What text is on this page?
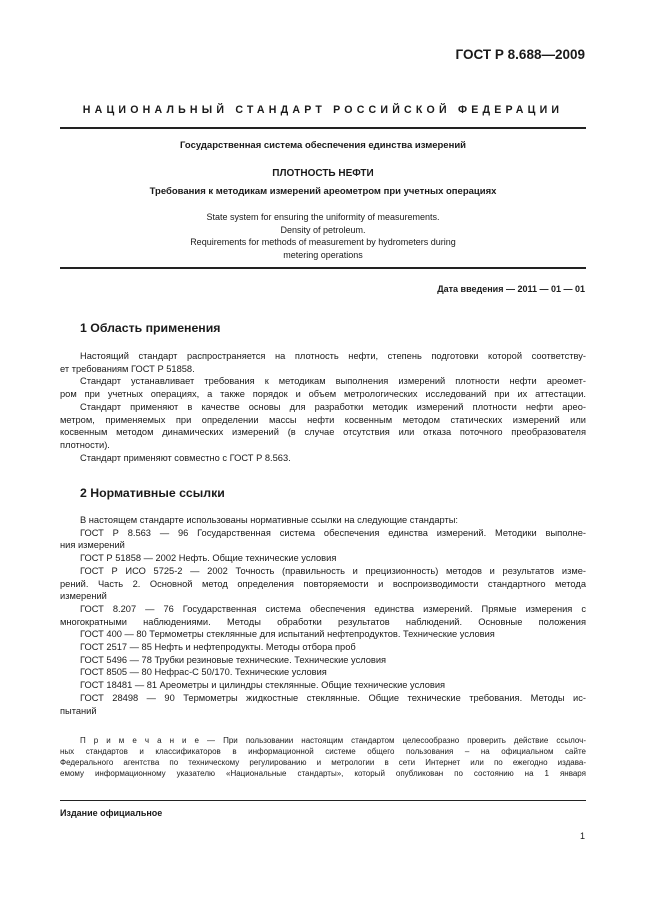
ГОСТ Р 8.688—2009
НАЦИОНАЛЬНЫЙ СТАНДАРТ РОССИЙСКОЙ ФЕДЕРАЦИИ
Государственная система обеспечения единства измерений
ПЛОТНОСТЬ НЕФТИ
Требования к методикам измерений ареометром при учетных операциях
State system for ensuring the uniformity of measurements.
Density of petroleum.
Requirements for methods of measurement by hydrometers during
metering operations
Дата введения — 2011 — 01 — 01
1 Область применения
Настоящий стандарт распространяется на плотность нефти, степень подготовки которой соответству-
ет требованиям ГОСТ Р 51858.
Стандарт устанавливает требования к методикам выполнения измерений плотности нефти ареомет-
ром при учетных операциях, а также порядок и объем метрологических исследований при их аттестации.
Стандарт применяют в качестве основы для разработки методик измерений плотности нефти арео-
метром, применяемых при определении массы нефти косвенным методом статических измерений или
косвенным методом динамических измерений (в случае отсутствия или отказа поточного преобразователя
плотности).
Стандарт применяют совместно с ГОСТ Р 8.563.
2 Нормативные ссылки
В настоящем стандарте использованы нормативные ссылки на следующие стандарты:
ГОСТ Р 8.563 — 96 Государственная система обеспечения единства измерений. Методики выполне-
ния измерений
ГОСТ Р 51858 — 2002 Нефть. Общие технические условия
ГОСТ Р ИСО 5725-2 — 2002 Точность (правильность и прецизионность) методов и результатов изме-
рений. Часть 2. Основной метод определения повторяемости и воспроизводимости стандартного метода
измерений
ГОСТ 8.207 — 76 Государственная система обеспечения единства измерений. Прямые измерения с
многократными наблюдениями. Методы обработки результатов наблюдений. Основные положения
ГОСТ 400 — 80 Термометры стеклянные для испытаний нефтепродуктов. Технические условия
ГОСТ 2517 — 85 Нефть и нефтепродукты. Методы отбора проб
ГОСТ 5496 — 78 Трубки резиновые технические. Технические условия
ГОСТ 8505 — 80 Нефрас-С 50/170. Технические условия
ГОСТ 18481 — 81 Ареометры и цилиндры стеклянные. Общие технические условия
ГОСТ 28498 — 90 Термометры жидкостные стеклянные. Общие технические требования. Методы ис-
пытаний
П р и м е ч а н и е — При пользовании настоящим стандартом целесообразно проверить действие ссылоч-
ных стандартов и классификаторов в информационной системе общего пользования – на официальном сайте
Федерального агентства по техническому регулированию и метрологии в сети Интернет или по ежегодно издава-
емому информационному указателю «Национальные стандарты», который опубликован по состоянию на 1 января
Издание официальное
1
